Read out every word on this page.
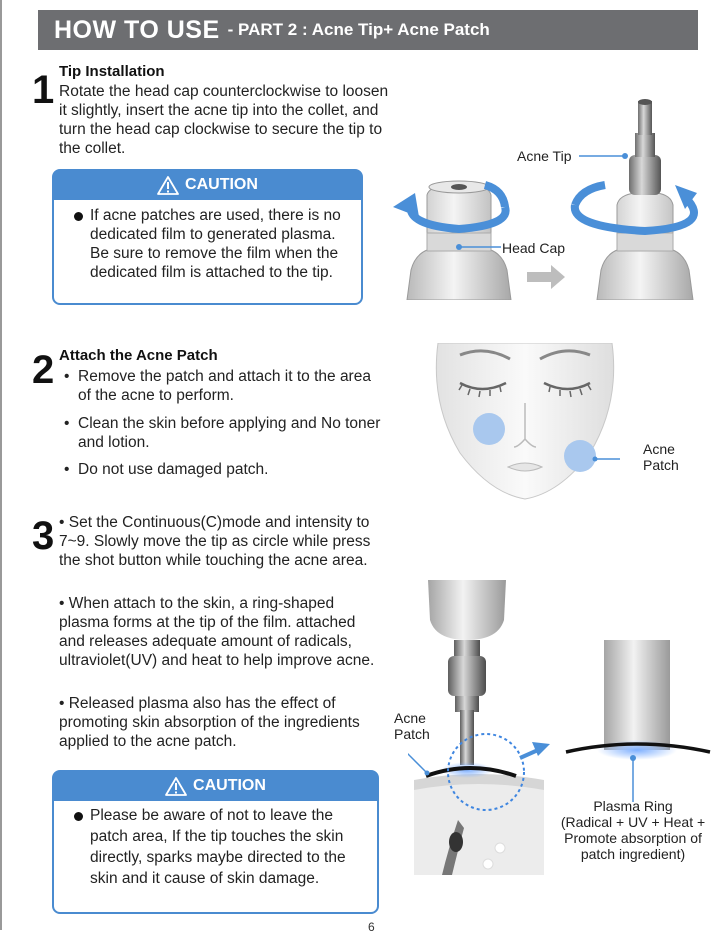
HOW TO USE - PART 2 : Acne Tip+ Acne Patch
1 Tip Installation
Rotate the head cap counterclockwise to loosen it slightly, insert the acne tip into the collet, and turn the head cap clockwise to secure the tip to the collet.
CAUTION
If acne patches are used, there is no dedicated film to generated plasma. Be sure to remove the film when the dedicated film is attached to the tip.
Acne Tip
Head Cap
2 Attach the Acne Patch
• Remove the patch and attach it to the area of the acne to perform.
• Clean the skin before applying and No toner and lotion.
• Do not use damaged patch.
Acne Patch
3 • Set the Continuous(C)mode and intensity to 7~9. Slowly move the tip as circle while press the shot button while touching the acne area.
• When attach to the skin, a ring-shaped plasma forms at the tip of the film. attached and releases adequate amount of radicals, ultraviolet(UV) and heat to help improve acne.
• Released plasma also has the effect of promoting skin absorption of the ingredients applied to the acne patch.
CAUTION
Please be aware of not to leave the patch area, If the tip touches the skin directly, sparks maybe directed to the skin and it cause of skin damage.
Acne Patch
Plasma Ring
(Radical + UV + Heat + Promote absorption of patch ingredient)
6
